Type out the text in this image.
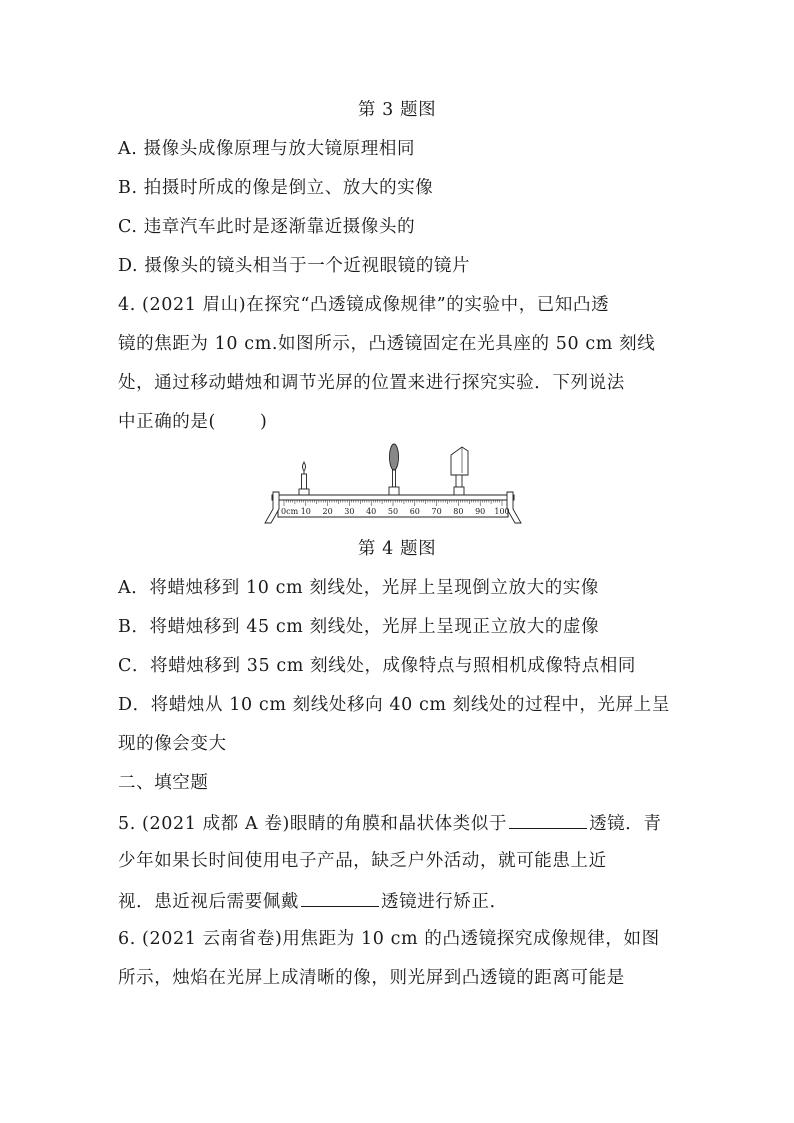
第 3 题图
A. 摄像头成像原理与放大镜原理相同
B. 拍摄时所成的像是倒立、放大的实像
C. 违章汽车此时是逐渐靠近摄像头的
D. 摄像头的镜头相当于一个近视眼镜的镜片
4. (2021 眉山)在探究“凸透镜成像规律”的实验中，已知凸透
镜的焦距为 10 cm.如图所示，凸透镜固定在光具座的 50 cm 刻线
处，通过移动蜡烛和调节光屏的位置来进行探究实验．下列说法
中正确的是(	)
0cm 10 20 30 40 50 60 70 80 90 100
第 4 题图
A．将蜡烛移到 10 cm 刻线处，光屏上呈现倒立放大的实像
B．将蜡烛移到 45 cm 刻线处，光屏上呈现正立放大的虚像
C．将蜡烛移到 35 cm 刻线处，成像特点与照相机成像特点相同
D．将蜡烛从 10 cm 刻线处移向 40 cm 刻线处的过程中，光屏上呈
现的像会变大
二、填空题
5. (2021 成都 A 卷)眼睛的角膜和晶状体类似于	透镜．青
少年如果长时间使用电子产品，缺乏户外活动，就可能患上近
视．患近视后需要佩戴	透镜进行矫正．
6. (2021 云南省卷)用焦距为 10 cm 的凸透镜探究成像规律，如图
所示，烛焰在光屏上成清晰的像，则光屏到凸透镜的距离可能是
